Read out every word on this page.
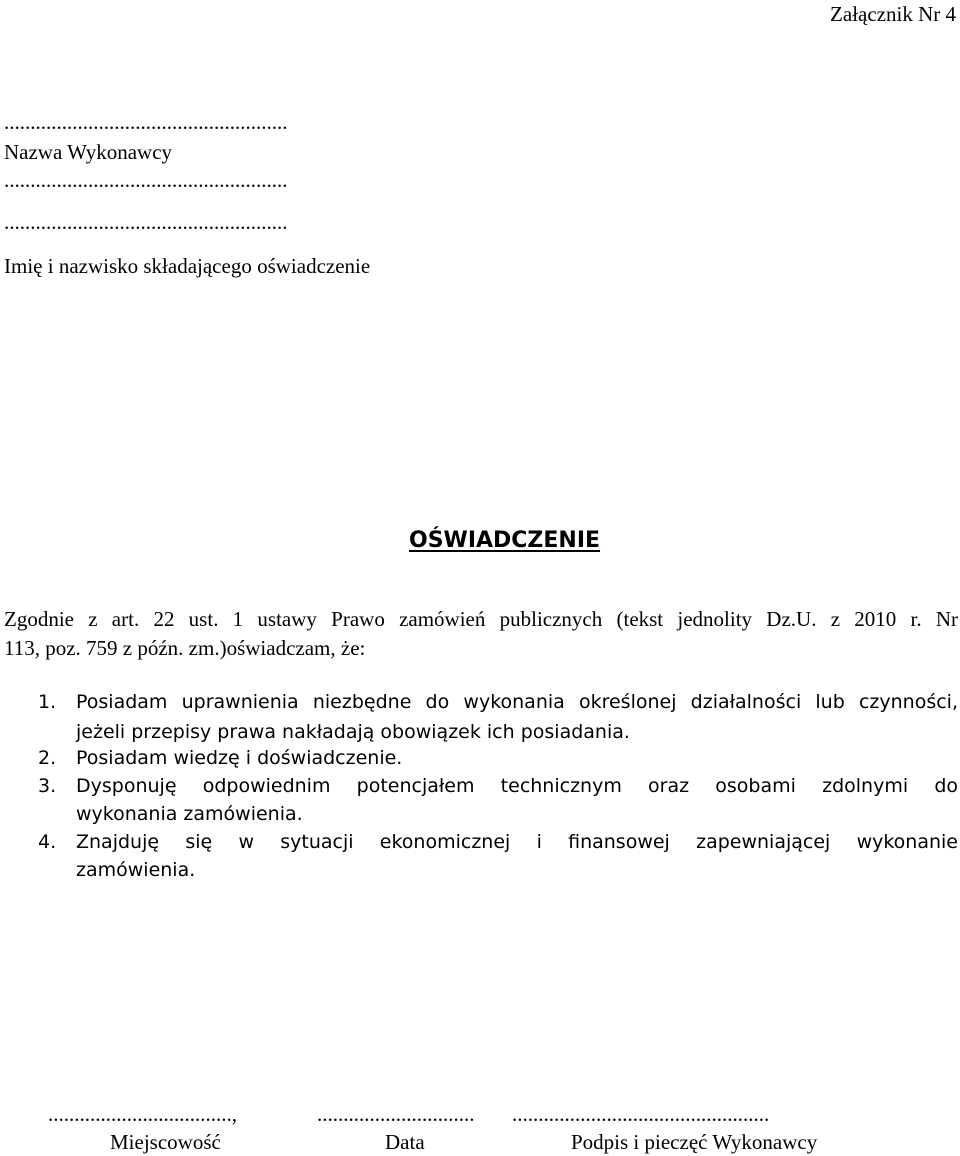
Załącznik Nr 4
......................................................
Nazwa Wykonawcy
......................................................
......................................................
Imię i nazwisko składającego oświadczenie
OŚWIADCZENIE
Zgodnie z art. 22 ust. 1 ustawy Prawo zamówień publicznych (tekst jednolity Dz.U. z 2010 r. Nr
113, poz. 759 z późn. zm.)oświadczam, że:
1. Posiadam uprawnienia niezbędne do wykonania określonej działalności lub czynności,
jeżeli przepisy prawa nakładają obowiązek ich posiadania.
2. Posiadam wiedzę i doświadczenie.
3. Dysponuję odpowiednim potencjałem technicznym oraz osobami zdolnymi do
wykonania zamówienia.
4. Znajduję się w sytuacji ekonomicznej i finansowej zapewniającej wykonanie
zamówienia.
...................................,	.............................. .................................................
Miejscowość	Data	Podpis i pieczęć Wykonawcy
